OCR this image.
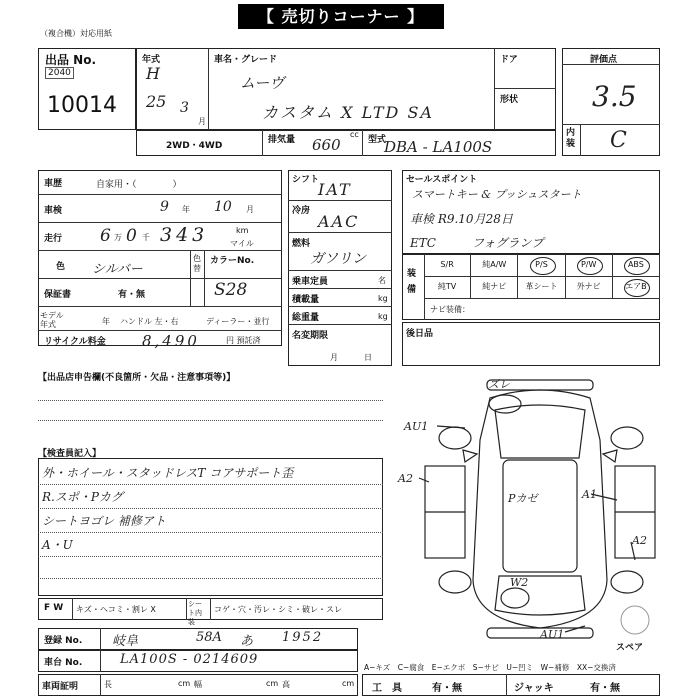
【 売切りコーナー 】
（複合機）対応用紙
出品 No.
2040
10014
年式
H
25 3
月
車名・グレード
ムーヴ
カスタム X LTD SA
ドア
形状
2WD・4WD
排気量
cc
660	型式
DBA ‐ LA100S
評価点
3.5
内装 C
車歴	自家用・（　　　　）
車検	9 年 10 月
走行 6 万 0 千 343	km
マイル
色 シルバー
色替
カラーNo.
S28
保証書	有・無
モデル年式	年 ハンドル 左・右	ディーラー・並行
リサイクル料金 8,490	円 預託済
シフト
IAT
冷房
AAC
燃料
ガソリン
乗車定員	名
積載量	kg
総重量	kg
名変期限
月日
セールスポイント
スマートキー & プッシュスタート
車検 R9.10月28日
ETC　　　フォグランプ
装備
S/R	純A/W	P/S	P/W	ABS
純TV	純ナビ	革シート	外ナビ	エアB
ナビ装備：
後日品
【出品店申告欄(不良箇所・欠品・注意事項等)】
【検査員記入】
外・ホイール・スタッドレスT コアサポート歪
R.スポ・Pカグ
シートヨゴレ 補修アト
A・U
ズレ
AU1
A2
Pカゼ	A1
A2
W2
AU1
スペア
F W キズ・ヘコミ・割レ X
シート内装
コゲ・穴・汚レ・シミ・破レ・スレ
登録 No. 岐阜	58A あ 1952
車台 No.	LA100S ‐ 0214609
車両証明	長	cm 幅	cm 高	cm
A−キズ　C−腐食　E−エクボ　S−サビ　U−凹ミ　W−補修　XX−交換済
工　具	有・無	ジャッキ	有・無
